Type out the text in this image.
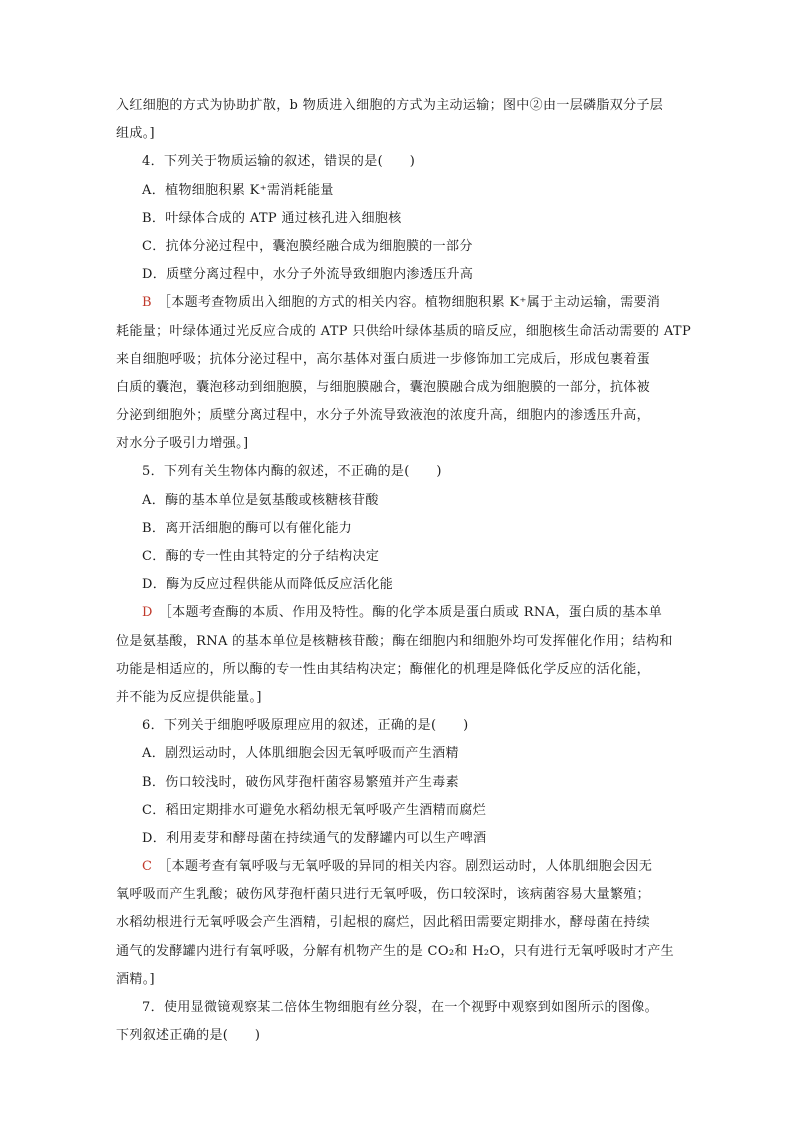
入红细胞的方式为协助扩散，b 物质进入细胞的方式为主动运输；图中②由一层磷脂双分子层
组成。]
4．下列关于物质运输的叙述，错误的是(　　)
A．植物细胞积累 K⁺需消耗能量
B．叶绿体合成的 ATP 通过核孔进入细胞核
C．抗体分泌过程中，囊泡膜经融合成为细胞膜的一部分
D．质壁分离过程中，水分子外流导致细胞内渗透压升高
B ［本题考查物质出入细胞的方式的相关内容。植物细胞积累 K⁺属于主动运输，需要消
耗能量；叶绿体通过光反应合成的 ATP 只供给叶绿体基质的暗反应，细胞核生命活动需要的 ATP
来自细胞呼吸；抗体分泌过程中，高尔基体对蛋白质进一步修饰加工完成后，形成包裹着蛋
白质的囊泡，囊泡移动到细胞膜，与细胞膜融合，囊泡膜融合成为细胞膜的一部分，抗体被
分泌到细胞外；质壁分离过程中，水分子外流导致液泡的浓度升高，细胞内的渗透压升高，
对水分子吸引力增强。]
5．下列有关生物体内酶的叙述，不正确的是(　　)
A．酶的基本单位是氨基酸或核糖核苷酸
B．离开活细胞的酶可以有催化能力
C．酶的专一性由其特定的分子结构决定
D．酶为反应过程供能从而降低反应活化能
D ［本题考查酶的本质、作用及特性。酶的化学本质是蛋白质或 RNA，蛋白质的基本单
位是氨基酸，RNA 的基本单位是核糖核苷酸；酶在细胞内和细胞外均可发挥催化作用；结构和
功能是相适应的，所以酶的专一性由其结构决定；酶催化的机理是降低化学反应的活化能，
并不能为反应提供能量。]
6．下列关于细胞呼吸原理应用的叙述，正确的是(　　)
A．剧烈运动时，人体肌细胞会因无氧呼吸而产生酒精
B．伤口较浅时，破伤风芽孢杆菌容易繁殖并产生毒素
C．稻田定期排水可避免水稻幼根无氧呼吸产生酒精而腐烂
D．利用麦芽和酵母菌在持续通气的发酵罐内可以生产啤酒
C ［本题考查有氧呼吸与无氧呼吸的异同的相关内容。剧烈运动时，人体肌细胞会因无
氧呼吸而产生乳酸；破伤风芽孢杆菌只进行无氧呼吸，伤口较深时，该病菌容易大量繁殖；
水稻幼根进行无氧呼吸会产生酒精，引起根的腐烂，因此稻田需要定期排水，酵母菌在持续
通气的发酵罐内进行有氧呼吸，分解有机物产生的是 CO₂和 H₂O，只有进行无氧呼吸时才产生
酒精。]
7．使用显微镜观察某二倍体生物细胞有丝分裂，在一个视野中观察到如图所示的图像。
下列叙述正确的是(　　)
